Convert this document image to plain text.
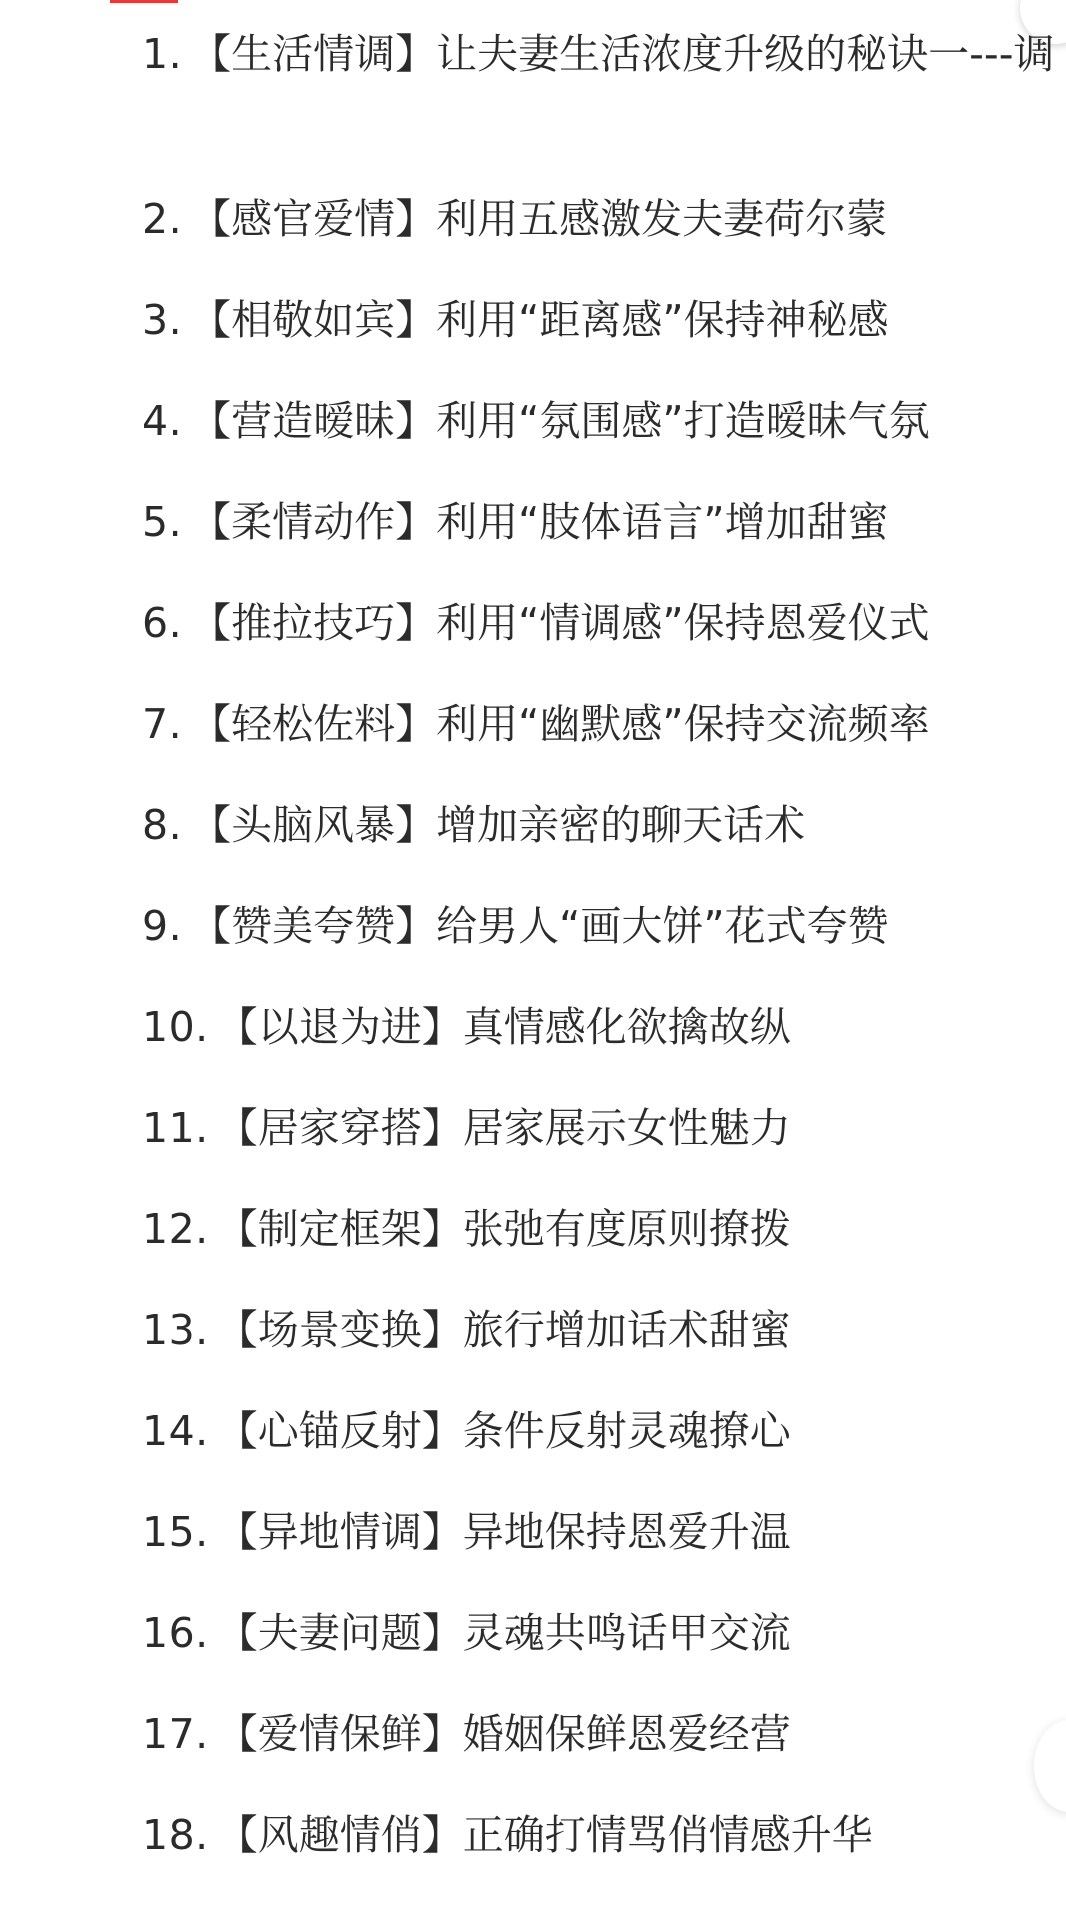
1. 【生活情调】让夫妻生活浓度升级的秘诀一---调
2. 【感官爱情】利用五感激发夫妻荷尔蒙
3. 【相敬如宾】利用“距离感”保持神秘感
4. 【营造暧昧】利用“氛围感”打造暧昧气氛
5. 【柔情动作】利用“肢体语言”增加甜蜜
6. 【推拉技巧】利用“情调感”保持恩爱仪式
7. 【轻松佐料】利用“幽默感”保持交流频率
8. 【头脑风暴】增加亲密的聊天话术
9. 【赞美夸赞】给男人“画大饼”花式夸赞
10. 【以退为进】真情感化欲擒故纵
11. 【居家穿搭】居家展示女性魅力
12. 【制定框架】张弛有度原则撩拨
13. 【场景变换】旅行增加话术甜蜜
14. 【心锚反射】条件反射灵魂撩心
15. 【异地情调】异地保持恩爱升温
16. 【夫妻问题】灵魂共鸣话甲交流
17. 【爱情保鲜】婚姻保鲜恩爱经营
18. 【风趣情俏】正确打情骂俏情感升华
